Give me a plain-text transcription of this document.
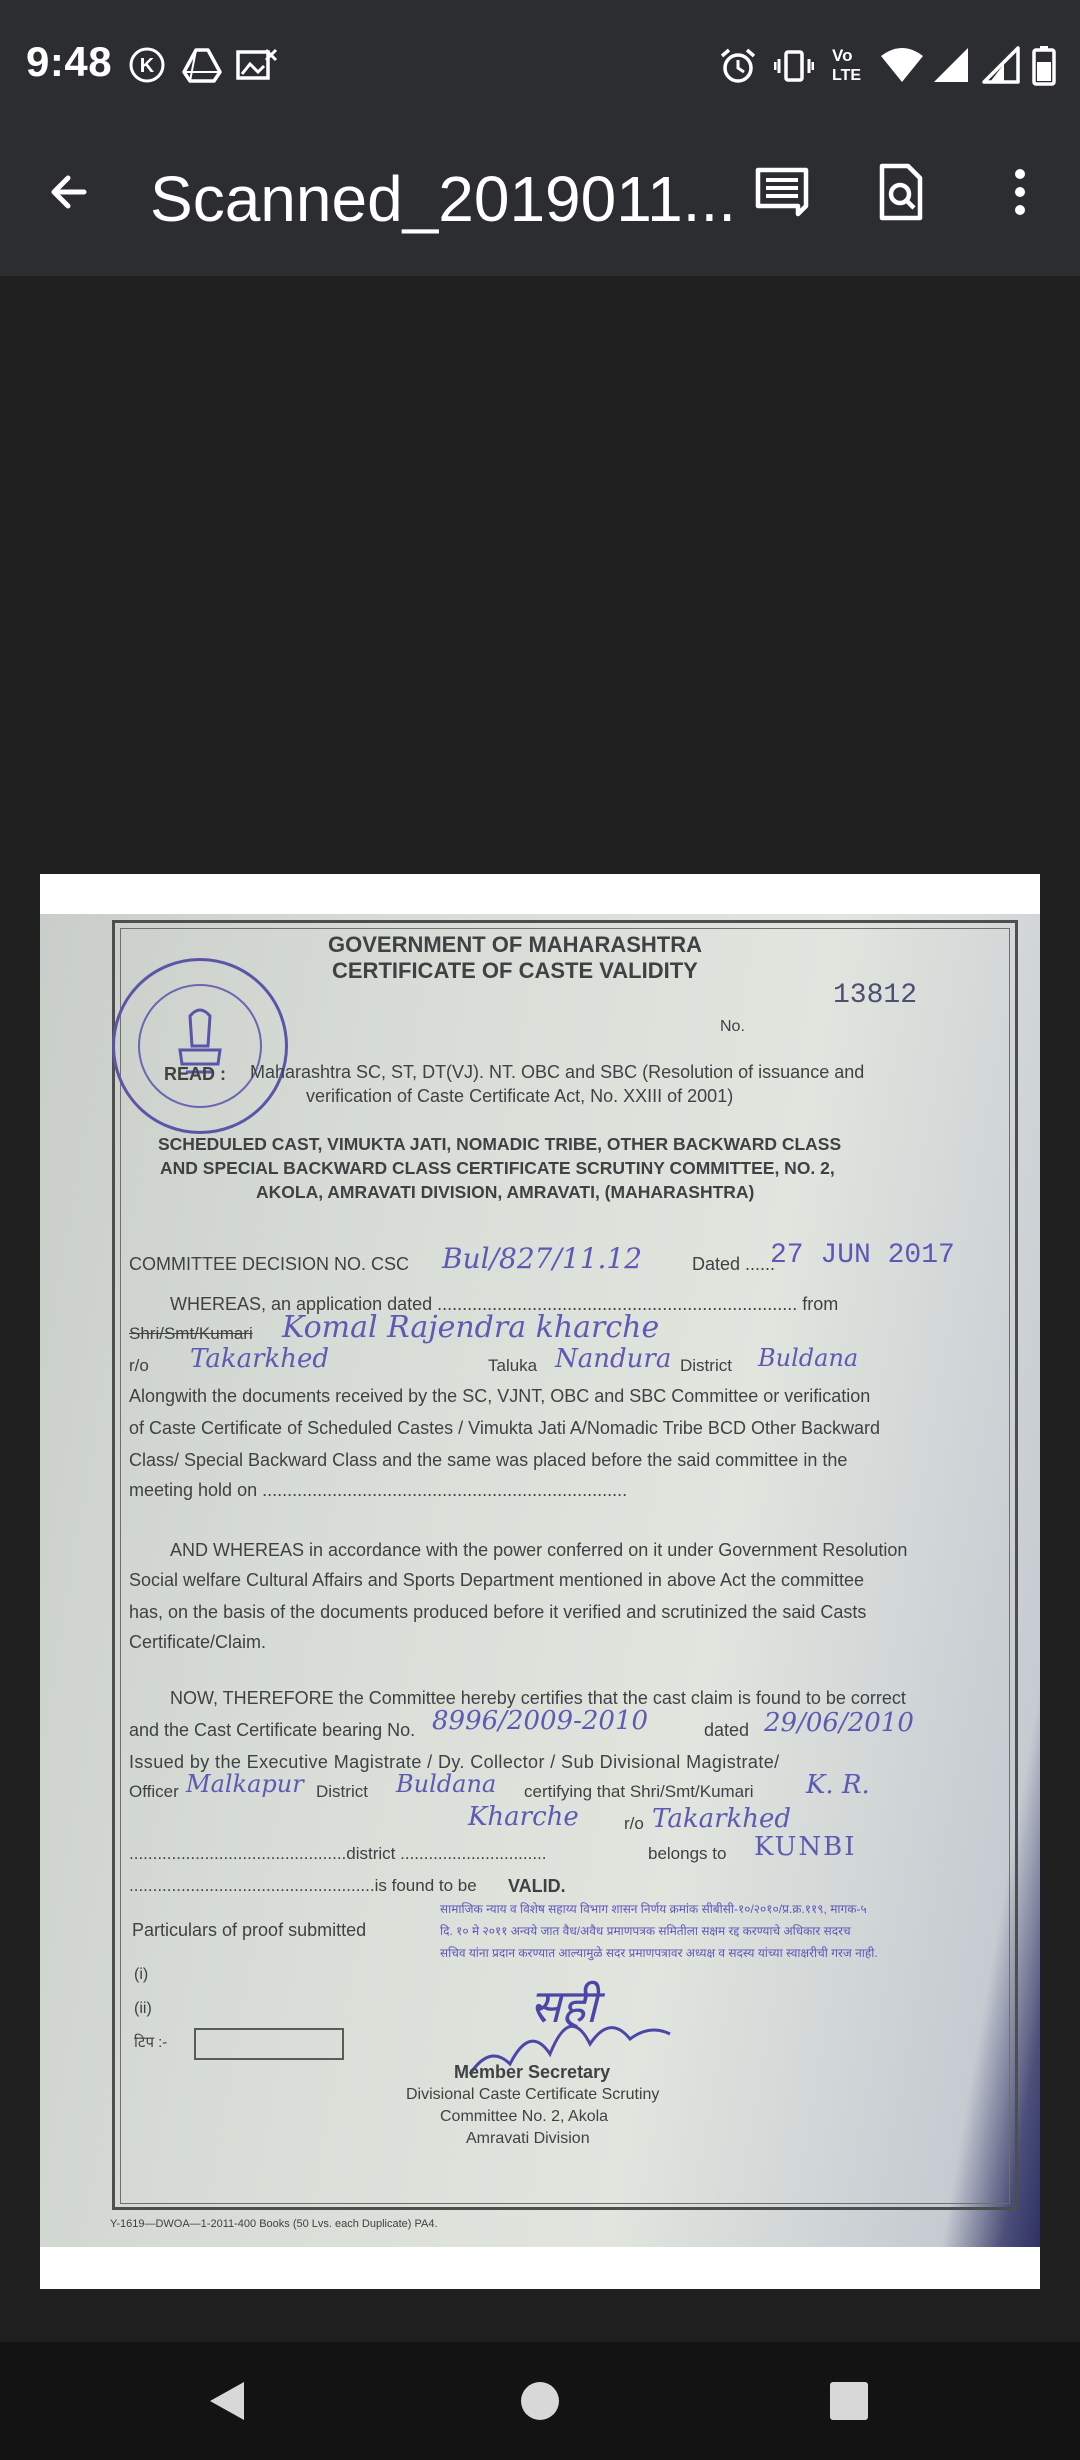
9:48 K	Vo
LTE
Scanned_2019011...
GOVERNMENT OF MAHARASHTRA
CERTIFICATE OF CASTE VALIDITY
13812
No.
READ : Maharashtra SC, ST, DT(VJ). NT. OBC and SBC (Resolution of issuance and
verification of Caste Certificate Act, No. XXIII of 2001)
SCHEDULED CAST, VIMUKTA JATI, NOMADIC TRIBE, OTHER BACKWARD CLASS
AND SPECIAL BACKWARD CLASS CERTIFICATE SCRUTINY COMMITTEE, NO. 2,
AKOLA, AMRAVATI DIVISION, AMRAVATI, (MAHARASHTRA)
COMMITTEE DECISION NO. CSC Bul/827/11.12	Dated ......
27 JUN 2017
WHEREAS, an application dated ........................................................................ from
Shri/Smt/Kumari Komal Rajendra kharche
r/o Takarkhed	Taluka Nandura District Buldana
Alongwith the documents received by the SC, VJNT, OBC and SBC Committee or verification
of Caste Certificate of Scheduled Castes / Vimukta Jati A/Nomadic Tribe BCD Other Backward
Class/ Special Backward Class and the same was placed before the said committee in the
meeting hold on .........................................................................
AND WHEREAS in accordance with the power conferred on it under Government Resolution
Social welfare Cultural Affairs and Sports Department mentioned in above Act the committee
has, on the basis of the documents produced before it verified and scrutinized the said Casts
Certificate/Claim.
NOW, THEREFORE the Committee hereby certifies that the cast claim is found to be correct
and the Cast Certificate bearing No. 8996/2009-2010	dated 29/06/2010
Issued by the Executive Magistrate / Dy. Collector / Sub Divisional Magistrate/
Officer Malkapur District Buldana certifying that Shri/Smt/Kumari K. R.
Kharche	r/o Takarkhed
..............................................district ...............................	belongs to KUNBI
....................................................is found to be VALID.
Particulars of proof submitted
(i)
(ii)
टिप :-
सामाजिक न्याय व विशेष सहाय्य विभाग शासन निर्णय क्रमांक सीबीसी-१०/२०१०/प्र.क्र.११९, मागक-५
दि. १० मे २०११ अन्वये जात वैध/अवैध प्रमाणपत्रक समितीला सक्षम रद्द करण्याचे अधिकार सदरच
सचिव यांना प्रदान करण्यात आल्यामुळे सदर प्रमाणपत्रावर अध्यक्ष व सदस्य यांच्या स्वाक्षरीची गरज नाही.
सही
Member Secretary
Divisional Caste Certificate Scrutiny
Committee No. 2, Akola
Amravati Division
Y-1619—DWOA—1-2011-400 Books (50 Lvs. each Duplicate) PA4.
